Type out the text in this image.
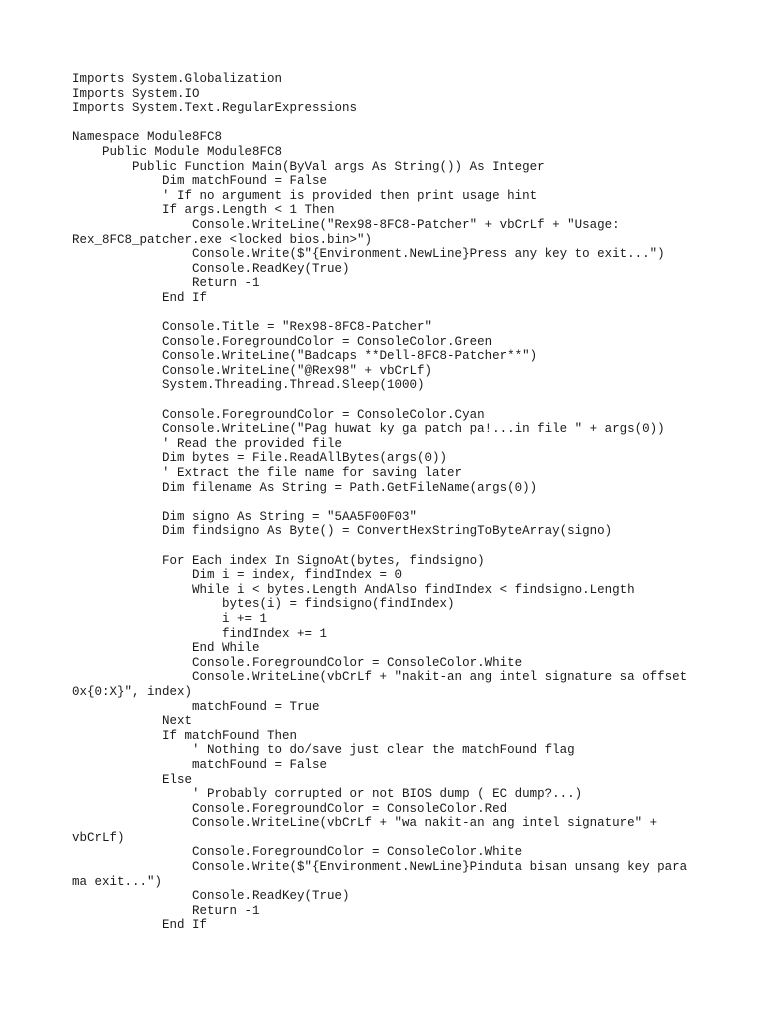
Imports System.Globalization
Imports System.IO
Imports System.Text.RegularExpressions
Namespace Module8FC8
Public Module Module8FC8
Public Function Main(ByVal args As String()) As Integer
Dim matchFound = False
' If no argument is provided then print usage hint
If args.Length < 1 Then
Console.WriteLine("Rex98-8FC8-Patcher" + vbCrLf + "Usage:
Rex_8FC8_patcher.exe <locked bios.bin>")
Console.Write($"{Environment.NewLine}Press any key to exit...")
Console.ReadKey(True)
Return -1
End If
Console.Title = "Rex98-8FC8-Patcher"
Console.ForegroundColor = ConsoleColor.Green
Console.WriteLine("Badcaps **Dell-8FC8-Patcher**")
Console.WriteLine("@Rex98" + vbCrLf)
System.Threading.Thread.Sleep(1000)
Console.ForegroundColor = ConsoleColor.Cyan
Console.WriteLine("Pag huwat ky ga patch pa!...in file " + args(0))
' Read the provided file
Dim bytes = File.ReadAllBytes(args(0))
' Extract the file name for saving later
Dim filename As String = Path.GetFileName(args(0))
Dim signo As String = "5AA5F00F03"
Dim findsigno As Byte() = ConvertHexStringToByteArray(signo)
For Each index In SignoAt(bytes, findsigno)
Dim i = index, findIndex = 0
While i < bytes.Length AndAlso findIndex < findsigno.Length
bytes(i) = findsigno(findIndex)
i += 1
findIndex += 1
End While
Console.ForegroundColor = ConsoleColor.White
Console.WriteLine(vbCrLf + "nakit-an ang intel signature sa offset
0x{0:X}", index)
matchFound = True
Next
If matchFound Then
' Nothing to do/save just clear the matchFound flag
matchFound = False
Else
' Probably corrupted or not BIOS dump ( EC dump?...)
Console.ForegroundColor = ConsoleColor.Red
Console.WriteLine(vbCrLf + "wa nakit-an ang intel signature" +
vbCrLf)
Console.ForegroundColor = ConsoleColor.White
Console.Write($"{Environment.NewLine}Pinduta bisan unsang key para
ma exit...")
Console.ReadKey(True)
Return -1
End If
